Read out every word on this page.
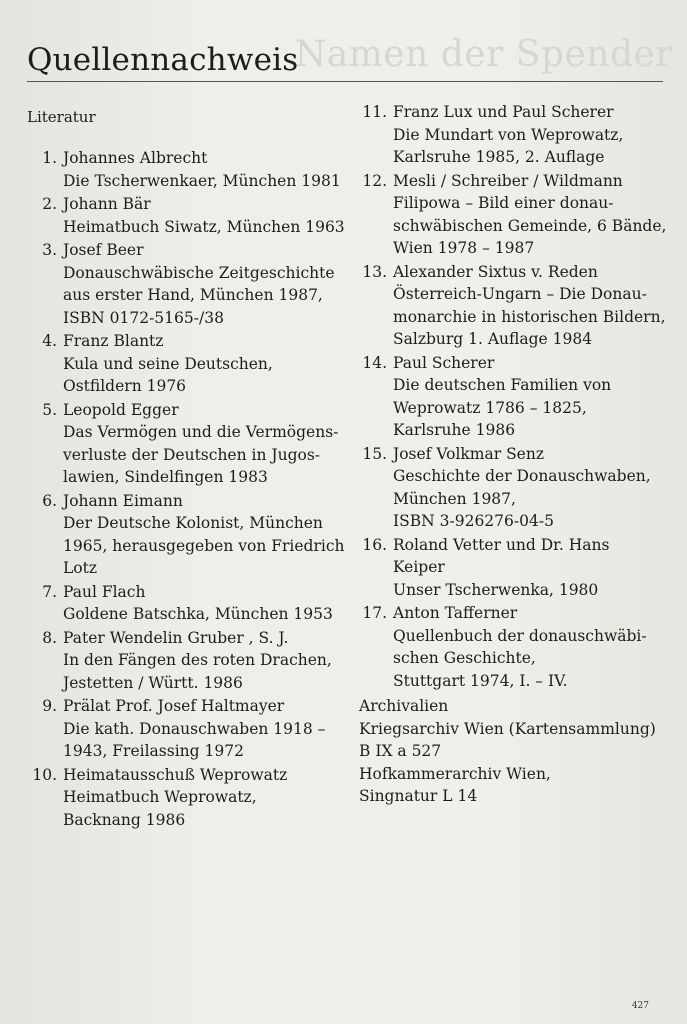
Namen der Spender
Quellennachweis
Literatur
1. Johannes Albrecht
Die Tscherwenkaer, München 1981
2. Johann Bär
Heimatbuch Siwatz, München 1963
3. Josef Beer
Donauschwäbische Zeitgeschichte
aus erster Hand, München 1987,
ISBN 0172-5165-/38
4. Franz Blantz
Kula und seine Deutschen,
Ostfildern 1976
5. Leopold Egger
Das Vermögen und die Vermögens-
verluste der Deutschen in Jugos-
lawien, Sindelfingen 1983
6. Johann Eimann
Der Deutsche Kolonist, München
1965, herausgegeben von Friedrich
Lotz
7. Paul Flach
Goldene Batschka, München 1953
8. Pater Wendelin Gruber , S. J.
In den Fängen des roten Drachen,
Jestetten / Württ. 1986
9. Prälat Prof. Josef Haltmayer
Die kath. Donauschwaben 1918 –
1943, Freilassing 1972
10. Heimatausschuß Weprowatz
Heimatbuch Weprowatz,
Backnang 1986
11. Franz Lux und Paul Scherer
Die Mundart von Weprowatz,
Karlsruhe 1985, 2. Auflage
12. Mesli / Schreiber / Wildmann
Filipowa – Bild einer donau-
schwäbischen Gemeinde, 6 Bände,
Wien 1978 – 1987
13. Alexander Sixtus v. Reden
Österreich-Ungarn – Die Donau-
monarchie in historischen Bildern,
Salzburg 1. Auflage 1984
14. Paul Scherer
Die deutschen Familien von
Weprowatz 1786 – 1825,
Karlsruhe 1986
15. Josef Volkmar Senz
Geschichte der Donauschwaben,
München 1987,
ISBN 3-926276-04-5
16. Roland Vetter und Dr. Hans
Keiper
Unser Tscherwenka, 1980
17. Anton Tafferner
Quellenbuch der donauschwäbi-
schen Geschichte,
Stuttgart 1974, I. – IV.
Archivalien
Kriegsarchiv Wien (Kartensammlung)
B IX a 527
Hofkammerarchiv Wien,
Singnatur L 14
427
